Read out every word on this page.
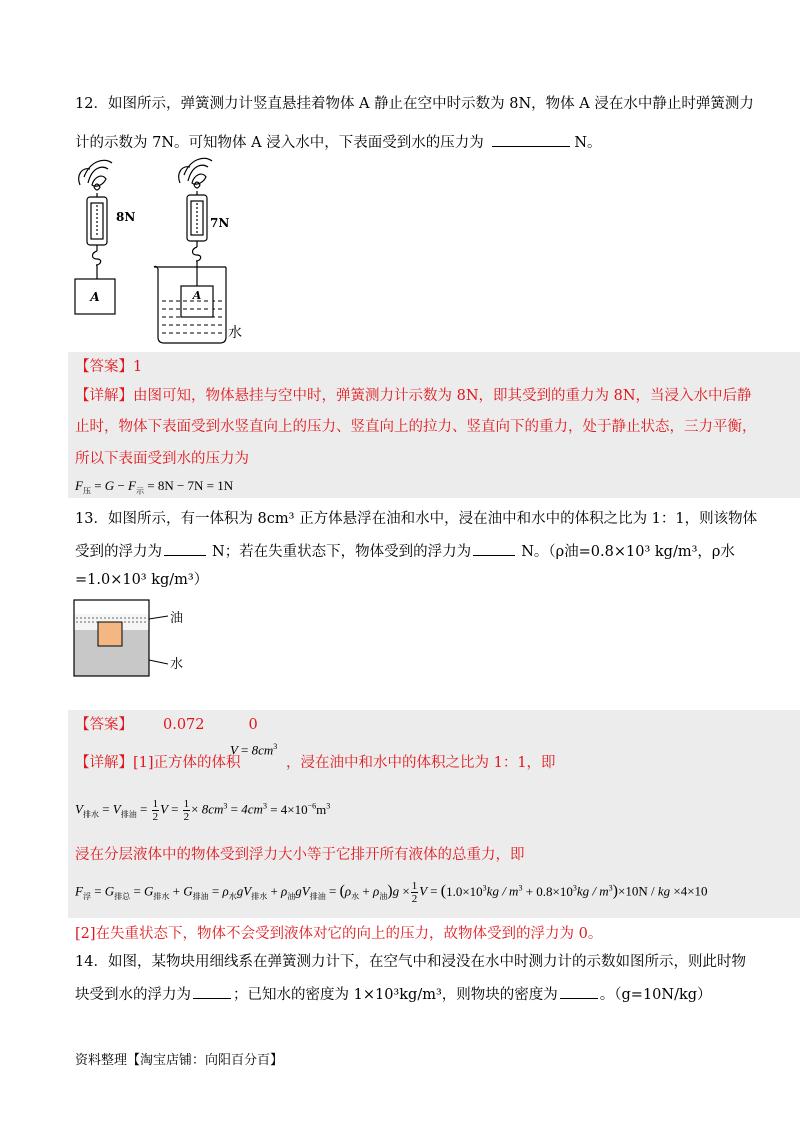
12．如图所示，弹簧测力计竖直悬挂着物体 A 静止在空中时示数为 8N，物体 A 浸在水中静止时弹簧测力
计的示数为 7N。可知物体 A 浸入水中，下表面受到水的压力为	N。
8N
A
7N
A
水
【答案】1
【详解】由图可知，物体悬挂与空中时，弹簧测力计示数为 8N，即其受到的重力为 8N，当浸入水中后静
止时，物体下表面受到水竖直向上的压力、竖直向上的拉力、竖直向下的重力，处于静止状态，三力平衡，
所以下表面受到水的压力为
$F_压 = G - F_示 = 8N - 7N = 1N$
13．如图所示，有一体积为 8cm³ 正方体悬浮在油和水中，浸在油中和水中的体积之比为 1：1，则该物体
受到的浮力为	N；若在失重状态下，物体受到的浮力为	N。（ρ油=0.8×10³ kg/m³，ρ水
=1.0×10³ kg/m³）
油
水
【答案】 0.072	0
【详解】[1]正方体的体积
$V = 8cm^3$
，浸在油中和水中的体积之比为 1：1，即
$V_{排水} = V_{排油} = \frac{1}{2}$ $V = \frac{1}{2} \times 8cm^3 = 4cm^3 = 4\times 10^{-6}m^3$
浸在分层液体中的物体受到浮力大小等于它排开所有液体的总重力，即
$F_浮 = G_{排总} = G_{排水} + G_{排油} = \rho_水gV_{排水} + \rho_油gV_{排油} = (\rho_水 + \rho_油)g \times \frac{1}{2}$ $V = (1.0\times 10^3kg / m^3 + 0.8\times 10^3kg / m^3)\times 10N$ / kg ×4×10
[2]在失重状态下，物体不会受到液体对它的向上的压力，故物体受到的浮力为 0。
14．如图，某物块用细线系在弹簧测力计下，在空气中和浸没在水中时测力计的示数如图所示，则此时物
块受到水的浮力为	；已知水的密度为 1×10³kg/m³，则物块的密度为	。（g=10N/kg）
资料整理【淘宝店铺：向阳百分百】
